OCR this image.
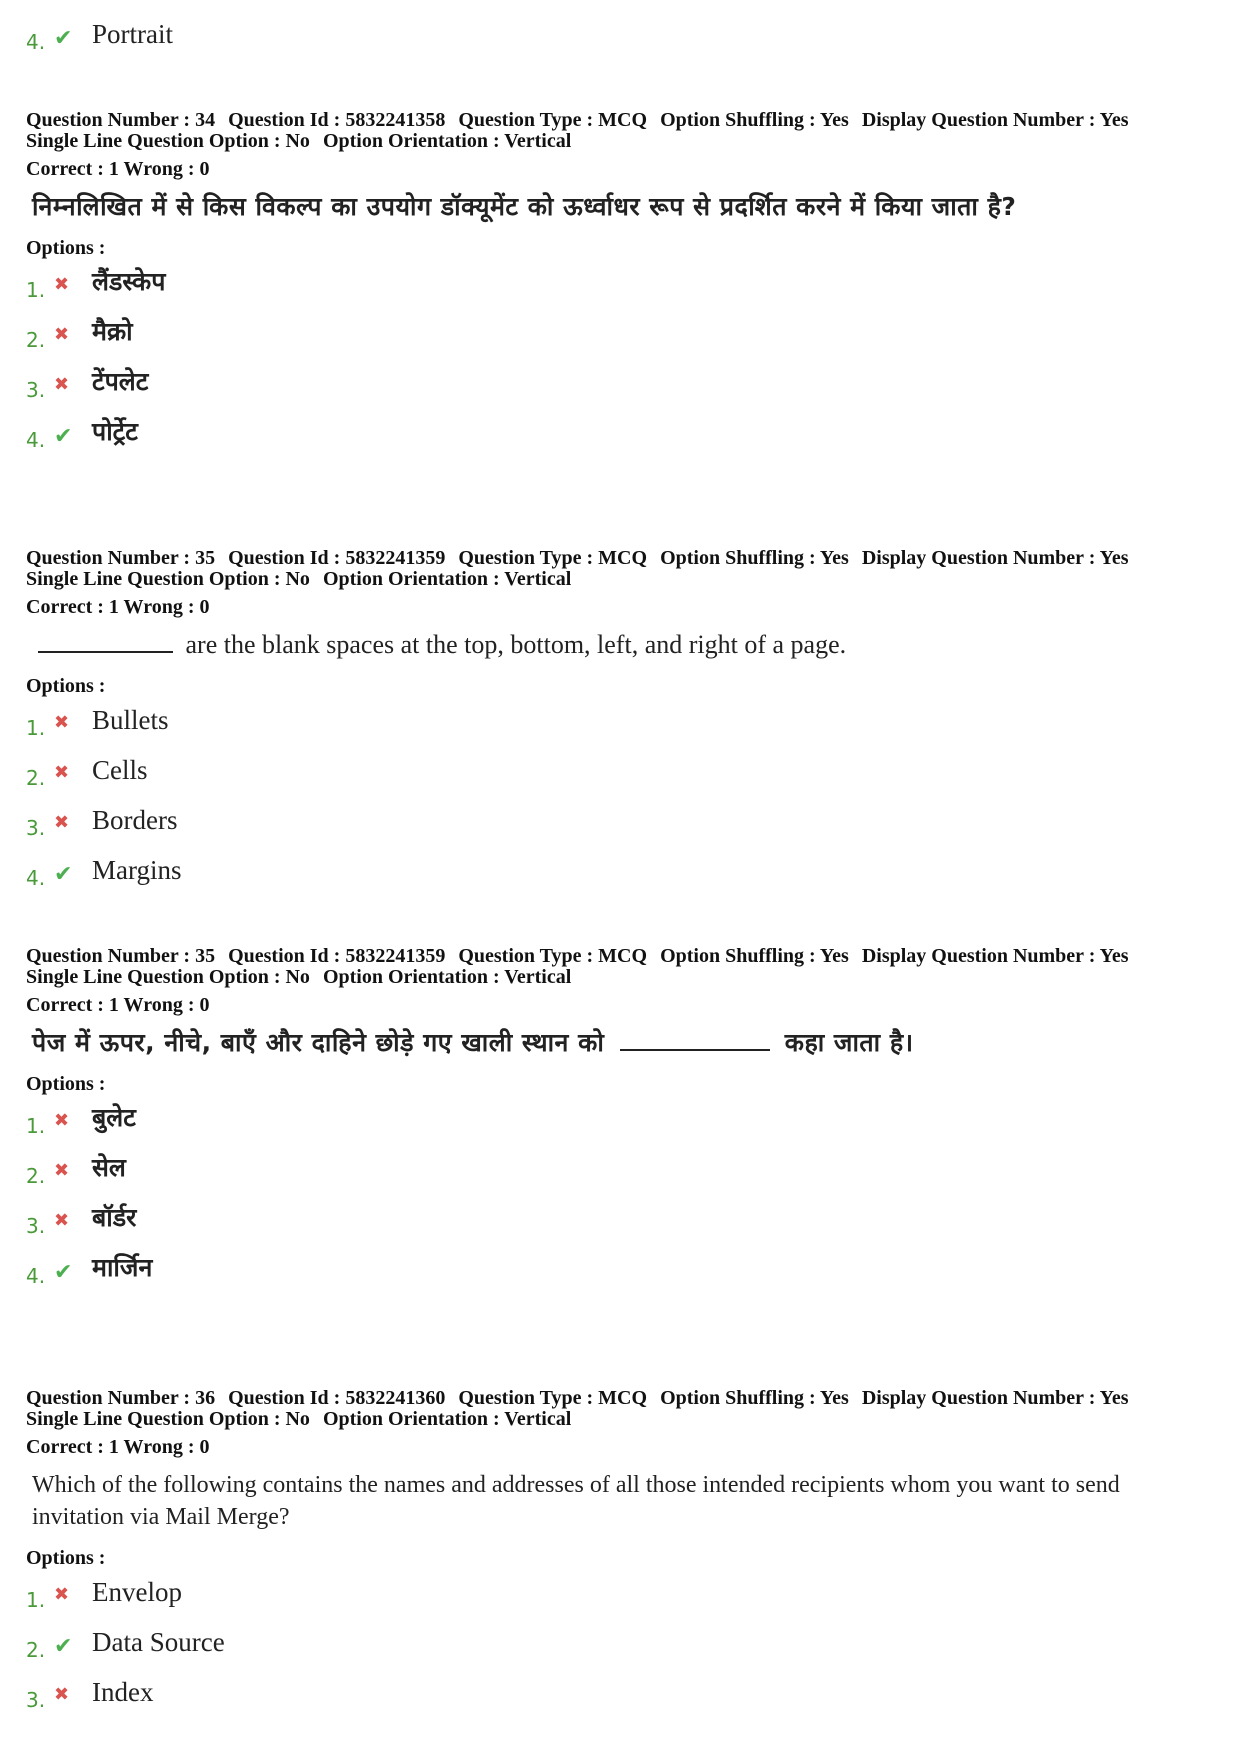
4. ✔ Portrait
Question Number : 34 Question Id : 5832241358 Question Type : MCQ Option Shuffling : Yes Display Question Number : Yes
Single Line Question Option : No Option Orientation : Vertical
Correct : 1 Wrong : 0
निम्नलिखित में से किस विकल्प का उपयोग डॉक्यूमेंट को ऊर्ध्वाधर रूप से प्रदर्शित करने में किया जाता है?
Options :
1. ✖ लैंडस्केप
2. ✖ मैक्रो
3. ✖ टेंपलेट
4. ✔ पोर्ट्रेट
Question Number : 35 Question Id : 5832241359 Question Type : MCQ Option Shuffling : Yes Display Question Number : Yes
Single Line Question Option : No Option Orientation : Vertical
Correct : 1 Wrong : 0
are the blank spaces at the top, bottom, left, and right of a page.
Options :
1. ✖ Bullets
2. ✖ Cells
3. ✖ Borders
4. ✔ Margins
Question Number : 35 Question Id : 5832241359 Question Type : MCQ Option Shuffling : Yes Display Question Number : Yes
Single Line Question Option : No Option Orientation : Vertical
Correct : 1 Wrong : 0
पेज में ऊपर, नीचे, बाएँ और दाहिने छोड़े गए खाली स्थान को	कहा जाता है।
Options :
1. ✖ बुलेट
2. ✖ सेल
3. ✖ बॉर्डर
4. ✔ मार्जिन
Question Number : 36 Question Id : 5832241360 Question Type : MCQ Option Shuffling : Yes Display Question Number : Yes
Single Line Question Option : No Option Orientation : Vertical
Correct : 1 Wrong : 0
Which of the following contains the names and addresses of all those intended recipients whom you want to send invitation via Mail Merge?
Options :
1. ✖ Envelop
2. ✔ Data Source
3. ✖ Index
